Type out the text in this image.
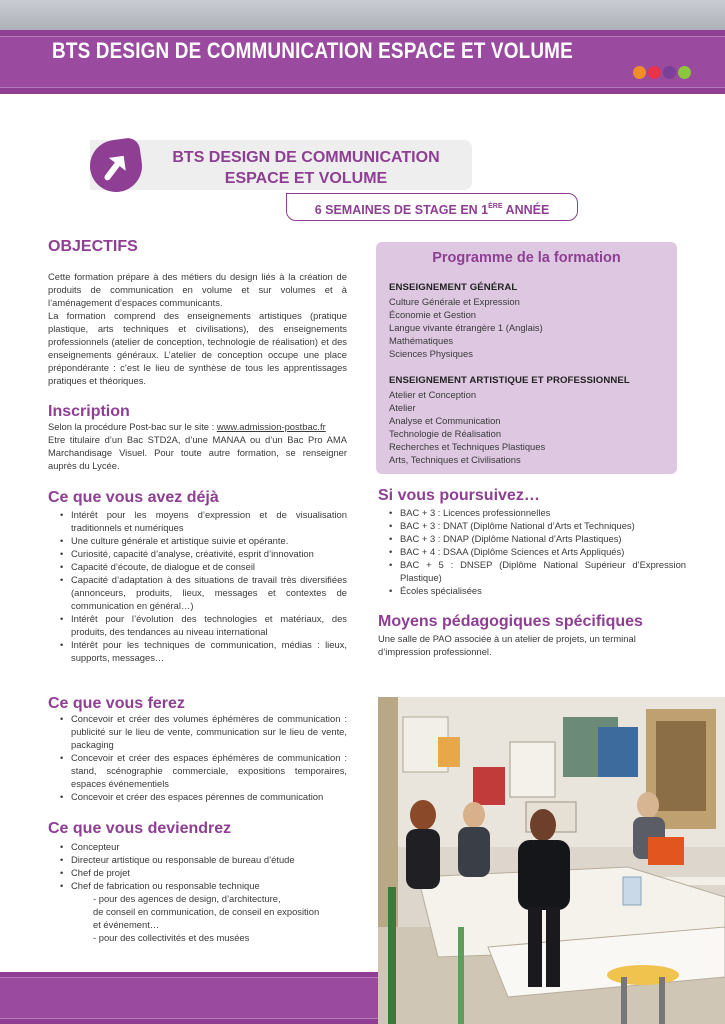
BTS DESIGN DE COMMUNICATION ESPACE ET VOLUME
BTS DESIGN DE COMMUNICATION
ESPACE ET VOLUME
6 SEMAINES DE STAGE EN 1ÈRE ANNÉE
OBJECTIFS
Cette formation prépare à des métiers du design liés à la création de produits de communication en volume et sur volumes et à l’aménagement d’espaces communicants.
La formation comprend des enseignements artistiques (pratique plastique, arts techniques et civilisations), des enseignements professionnels (atelier de conception, technologie de réalisation) et des enseignements généraux. L’atelier de conception occupe une place prépondérante : c’est le lieu de synthèse de tous les apprentissages pratiques et théoriques.
Inscription
Selon la procédure Post-bac sur le site : www.admission-postbac.fr
Etre titulaire d’un Bac STD2A, d’une MANAA ou d’un Bac Pro AMA Marchandisage Visuel. Pour toute autre formation, se renseigner auprès du Lycée.
Ce que vous avez déjà
• Intérêt pour les moyens d’expression et de visualisation traditionnels et numériques
• Une culture générale et artistique suivie et opérante.
• Curiosité, capacité d’analyse, créativité, esprit d’innovation
• Capacité d’écoute, de dialogue et de conseil
• Capacité d’adaptation à des situations de travail très diversifiées (annonceurs, produits, lieux, messages et contextes de communication en général…)
• Intérêt pour l’évolution des technologies et matériaux, des produits, des tendances au niveau international
• Intérêt pour les techniques de communication, médias : lieux, supports, messages…
Ce que vous ferez
• Concevoir et créer des volumes éphémères de communication : publicité sur le lieu de vente, communication sur le lieu de vente, packaging
• Concevoir et créer des espaces éphémères de communication : stand, scénographie commerciale, expositions temporaires, espaces événementiels
• Concevoir et créer des espaces pérennes de communication
Ce que vous deviendrez
• Concepteur
• Directeur artistique ou responsable de bureau d’étude
• Chef de projet
• Chef de fabrication ou responsable technique
- pour des agences de design, d’architecture,
de conseil en communication, de conseil en exposition
et événement…
- pour des collectivités et des musées
Programme de la formation
ENSEIGNEMENT GÉNÉRAL
Culture Générale et Expression
Économie et Gestion
Langue vivante étrangère 1 (Anglais)
Mathématiques
Sciences Physiques
ENSEIGNEMENT ARTISTIQUE ET PROFESSIONNEL
Atelier et Conception
Atelier
Analyse et Communication
Technologie de Réalisation
Recherches et Techniques Plastiques
Arts, Techniques et Civilisations
Si vous poursuivez…
• BAC + 3 : Licences professionnelles
• BAC + 3 : DNAT (Diplôme National d’Arts et Techniques)
• BAC + 3 : DNAP (Diplôme National d’Arts Plastiques)
• BAC + 4 : DSAA (Diplôme Sciences et Arts Appliqués)
• BAC + 5 : DNSEP (Diplôme National Supérieur d’Expression Plastique)
• Écoles spécialisées
Moyens pédagogiques spécifiques
Une salle de PAO associée à un atelier de projets, un terminal d’impression professionnel.
